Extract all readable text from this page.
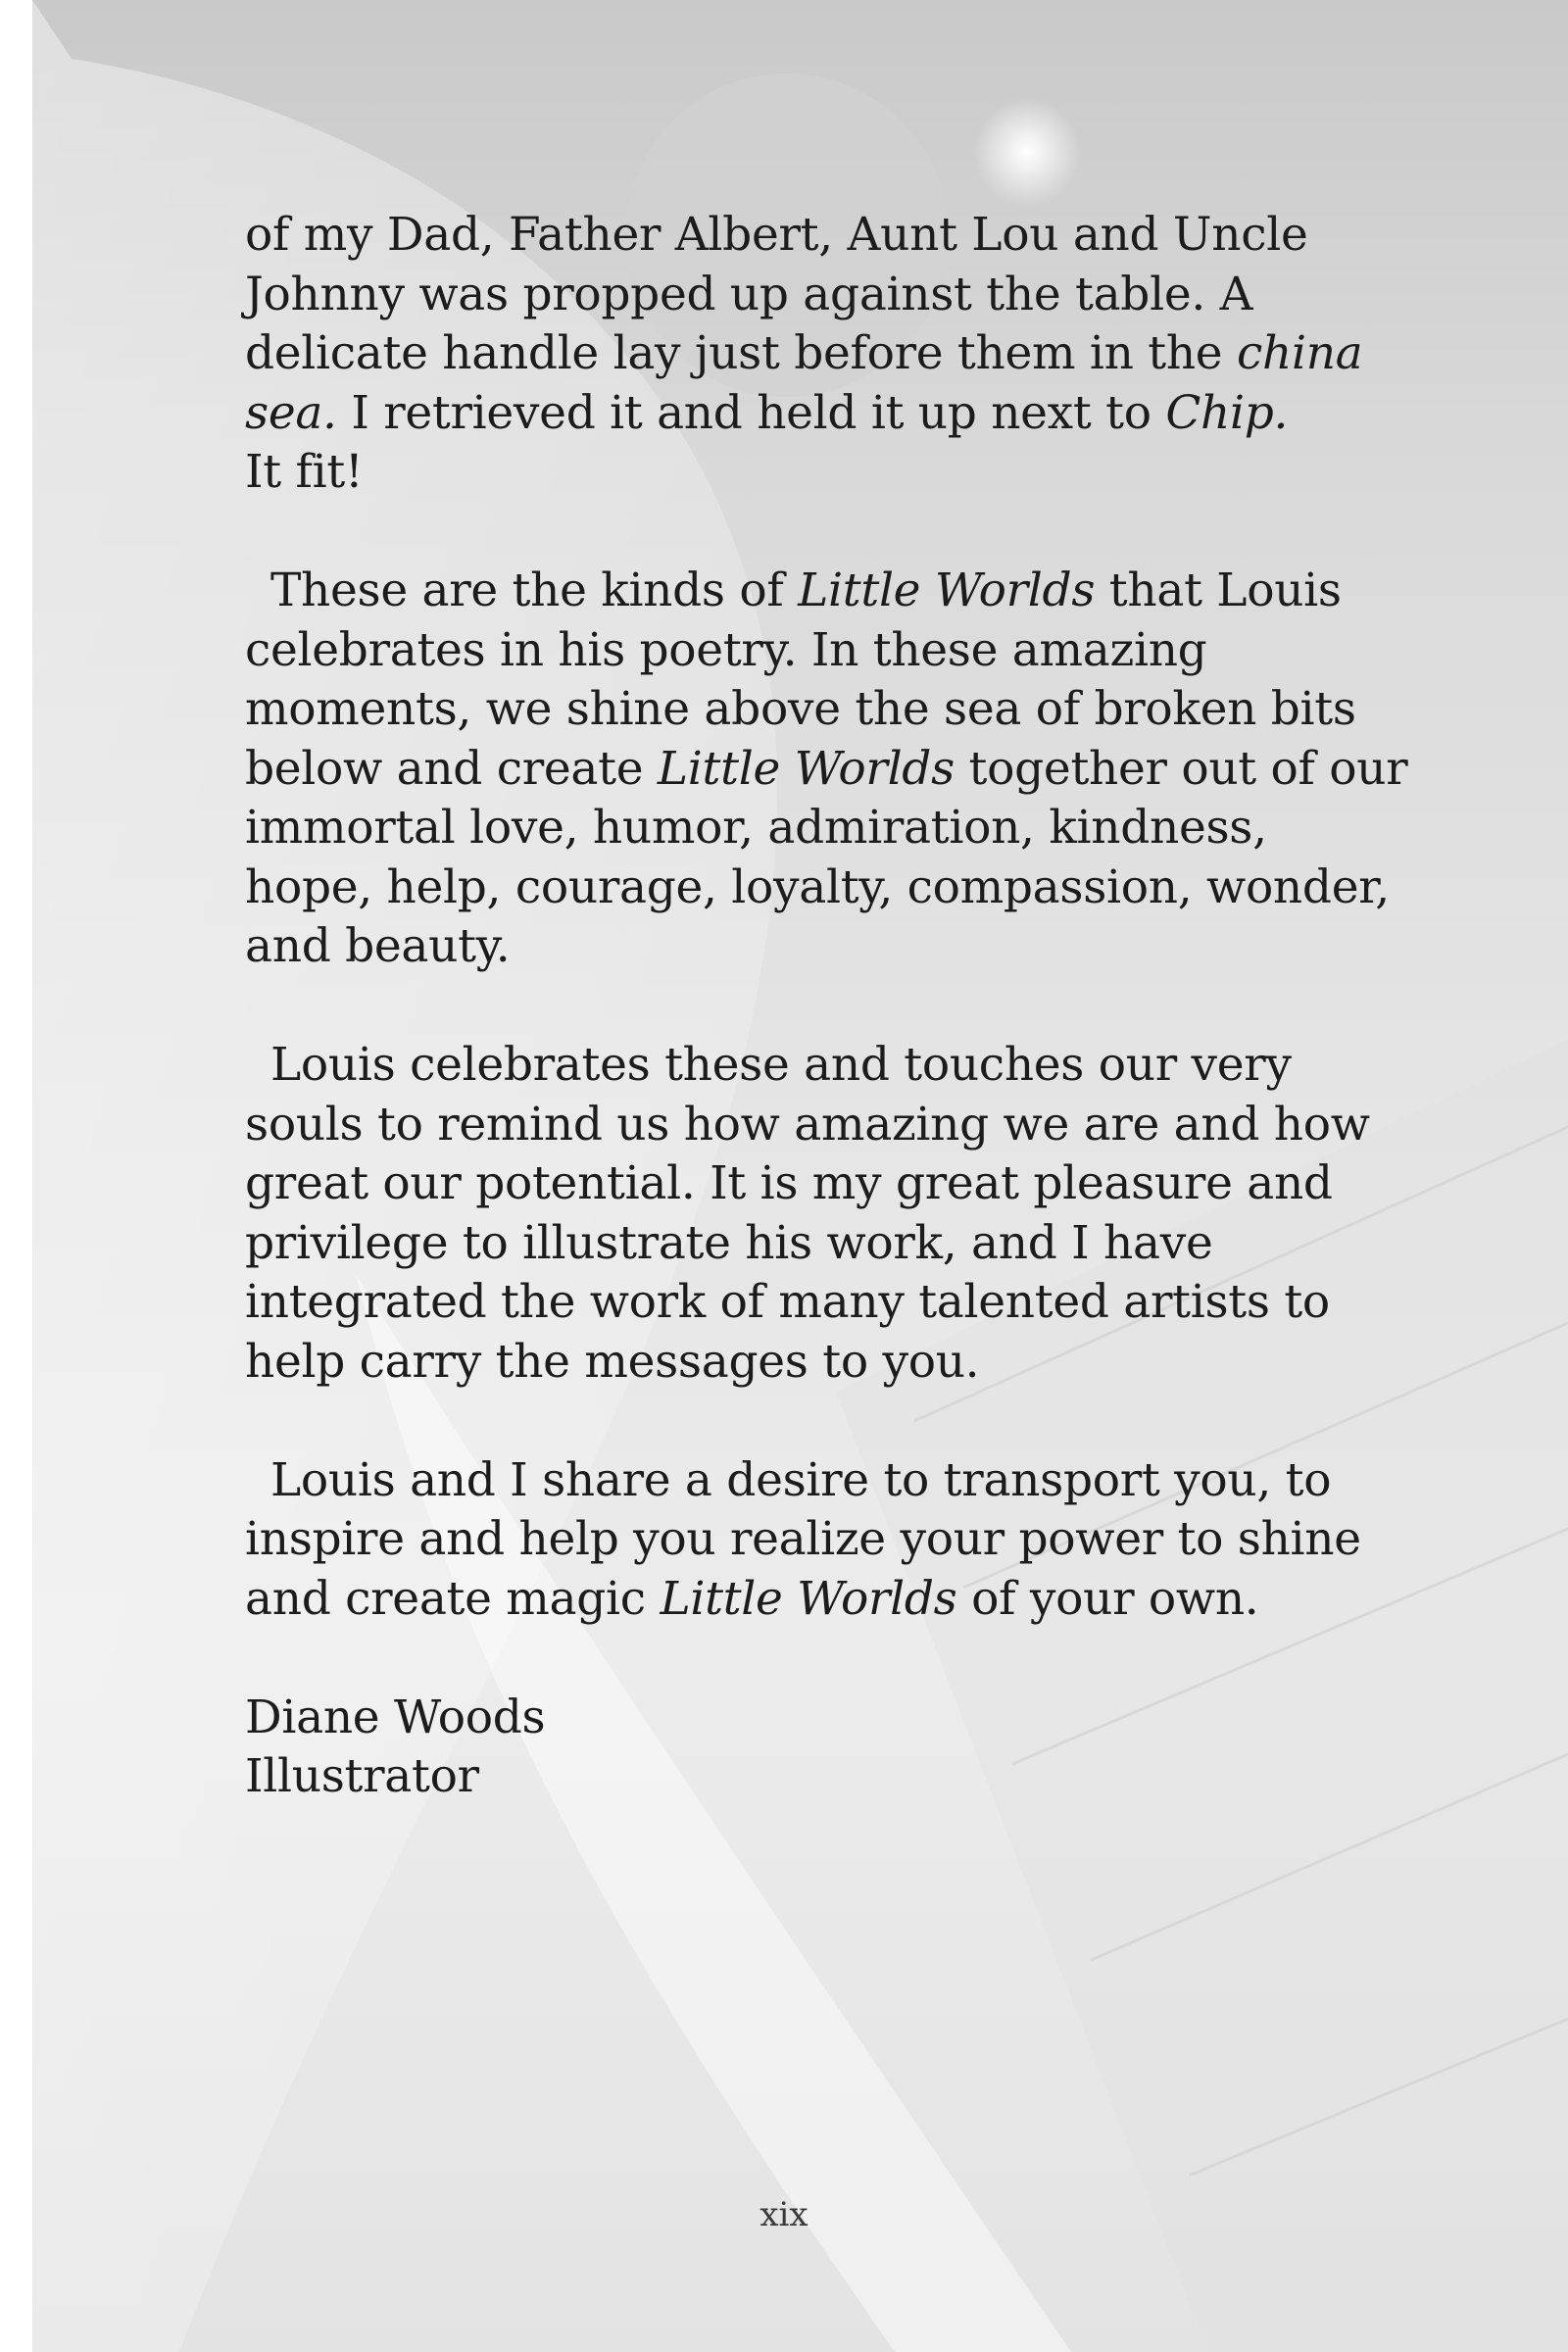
of my Dad, Father Albert, Aunt Lou and Uncle
Johnny was propped up against the table. A
delicate handle lay just before them in the china
sea. I retrieved it and held it up next to Chip.
It fit!
These are the kinds of Little Worlds that Louis
celebrates in his poetry. In these amazing
moments, we shine above the sea of broken bits
below and create Little Worlds together out of our
immortal love, humor, admiration, kindness,
hope, help, courage, loyalty, compassion, wonder,
and beauty.
Louis celebrates these and touches our very
souls to remind us how amazing we are and how
great our potential. It is my great pleasure and
privilege to illustrate his work, and I have
integrated the work of many talented artists to
help carry the messages to you.
Louis and I share a desire to transport you, to
inspire and help you realize your power to shine
and create magic Little Worlds of your own.
Diane Woods
Illustrator
xix
